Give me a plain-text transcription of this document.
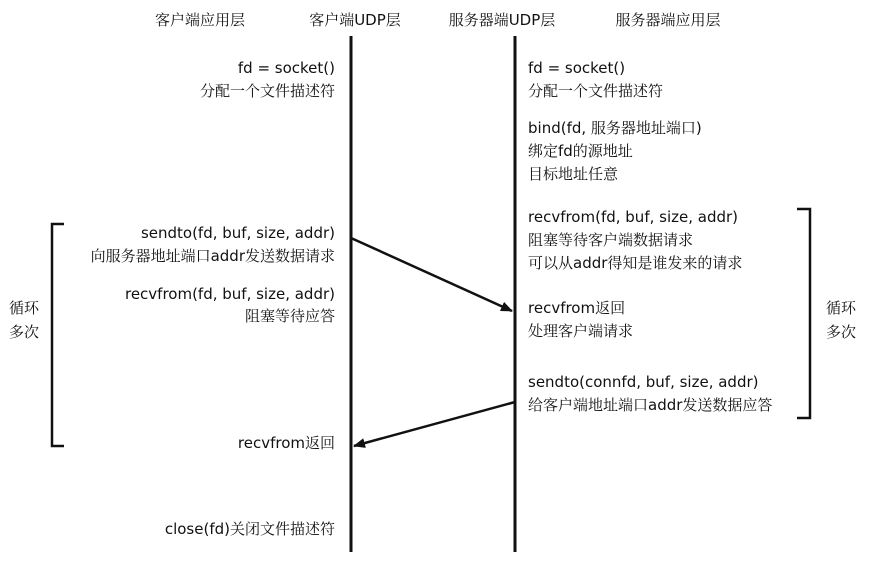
客户端应用层	客户端UDP层	服务器端UDP层	服务器端应用层
fd = socket()
分配一个文件描述符
sendto(fd, buf, size, addr)
向服务器地址端口addr发送数据请求
recvfrom(fd, buf, size, addr)
阻塞等待应答
recvfrom返回
close(fd)关闭文件描述符
循环
多次
fd = socket()
分配一个文件描述符
bind(fd, 服务器地址端口)
绑定fd的源地址
目标地址任意
recvfrom(fd, buf, size, addr)
阻塞等待客户端数据请求
可以从addr得知是谁发来的请求
recvfrom返回
处理客户端请求
sendto(connfd, buf, size, addr)
给客户端地址端口addr发送数据应答
循环
多次
